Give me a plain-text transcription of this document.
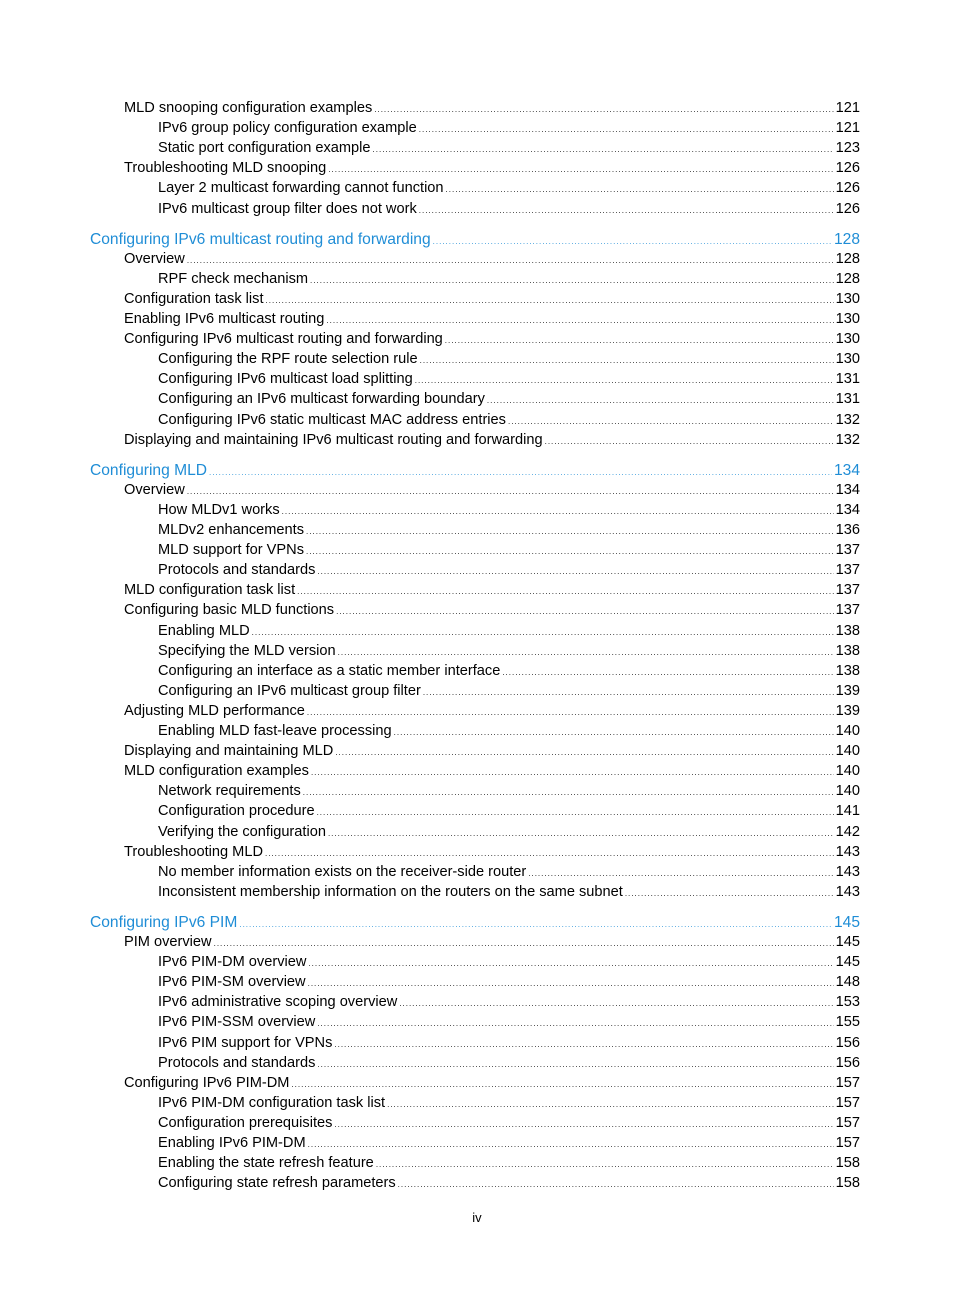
MLD snooping configuration examples .....	121
IPv6 group policy configuration example .....	121
Static port configuration example .....	123
Troubleshooting MLD snooping .....	126
Layer 2 multicast forwarding cannot function .....	126
IPv6 multicast group filter does not work .....	126
Configuring IPv6 multicast routing and forwarding .....	128
Overview .....	128
RPF check mechanism .....	128
Configuration task list .....	130
Enabling IPv6 multicast routing .....	130
Configuring IPv6 multicast routing and forwarding .....	130
Configuring the RPF route selection rule .....	130
Configuring IPv6 multicast load splitting .....	131
Configuring an IPv6 multicast forwarding boundary .....	131
Configuring IPv6 static multicast MAC address entries .....	132
Displaying and maintaining IPv6 multicast routing and forwarding .....	132
Configuring MLD .....	134
Overview .....	134
How MLDv1 works .....	134
MLDv2 enhancements .....	136
MLD support for VPNs .....	137
Protocols and standards .....	137
MLD configuration task list .....	137
Configuring basic MLD functions .....	137
Enabling MLD .....	138
Specifying the MLD version .....	138
Configuring an interface as a static member interface .....	138
Configuring an IPv6 multicast group filter .....	139
Adjusting MLD performance .....	139
Enabling MLD fast-leave processing .....	140
Displaying and maintaining MLD .....	140
MLD configuration examples .....	140
Network requirements .....	140
Configuration procedure .....	141
Verifying the configuration .....	142
Troubleshooting MLD .....	143
No member information exists on the receiver-side router .....	143
Inconsistent membership information on the routers on the same subnet .....	143
Configuring IPv6 PIM .....	145
PIM overview .....	145
IPv6 PIM-DM overview .....	145
IPv6 PIM-SM overview .....	148
IPv6 administrative scoping overview .....	153
IPv6 PIM-SSM overview .....	155
IPv6 PIM support for VPNs .....	156
Protocols and standards .....	156
Configuring IPv6 PIM-DM .....	157
IPv6 PIM-DM configuration task list .....	157
Configuration prerequisites .....	157
Enabling IPv6 PIM-DM .....	157
Enabling the state refresh feature .....	158
Configuring state refresh parameters .....	158
iv
